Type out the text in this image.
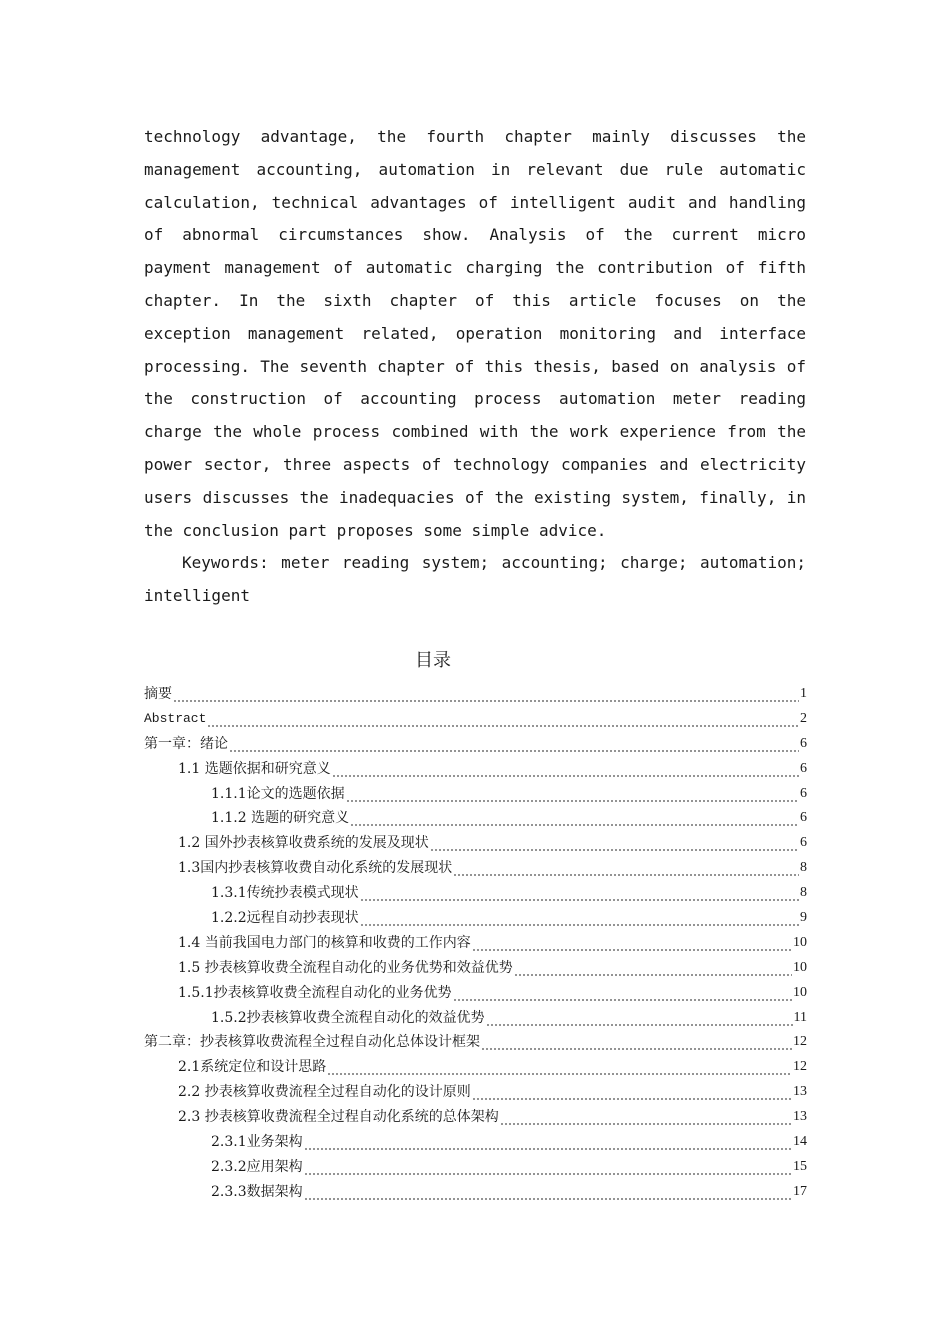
technology advantage, the fourth chapter mainly discusses the management accounting, automation in relevant due rule automatic calculation, technical advantages of intelligent audit and handling of abnormal circumstances show. Analysis of the current micro payment management of automatic charging the contribution of fifth chapter. In the sixth chapter of this article focuses on the exception management related, operation monitoring and interface processing. The seventh chapter of this thesis, based on analysis of the construction of accounting process automation meter reading charge the whole process combined with the work experience from the power sector, three aspects of technology companies and electricity users discusses the inadequacies of the existing system, finally, in the conclusion part proposes some simple advice.

Keywords: meter reading system; accounting; charge; automation; intelligent

目录
摘要	1
Abstract	2
第一章：绪论	6
1.1 选题依据和研究意义	6
1.1.1论文的选题依据	6
1.1.2 选题的研究意义	6
1.2 国外抄表核算收费系统的发展及现状	6
1.3国内抄表核算收费自动化系统的发展现状	8
1.3.1传统抄表模式现状	8
1.2.2远程自动抄表现状	9
1.4 当前我国电力部门的核算和收费的工作内容	10
1.5 抄表核算收费全流程自动化的业务优势和效益优势	10
1.5.1抄表核算收费全流程自动化的业务优势	10
1.5.2抄表核算收费全流程自动化的效益优势	11
第二章：抄表核算收费流程全过程自动化总体设计框架	12
2.1系统定位和设计思路	12
2.2 抄表核算收费流程全过程自动化的设计原则	13
2.3 抄表核算收费流程全过程自动化系统的总体架构	13
2.3.1业务架构	14
2.3.2应用架构	15
2.3.3数据架构	17
